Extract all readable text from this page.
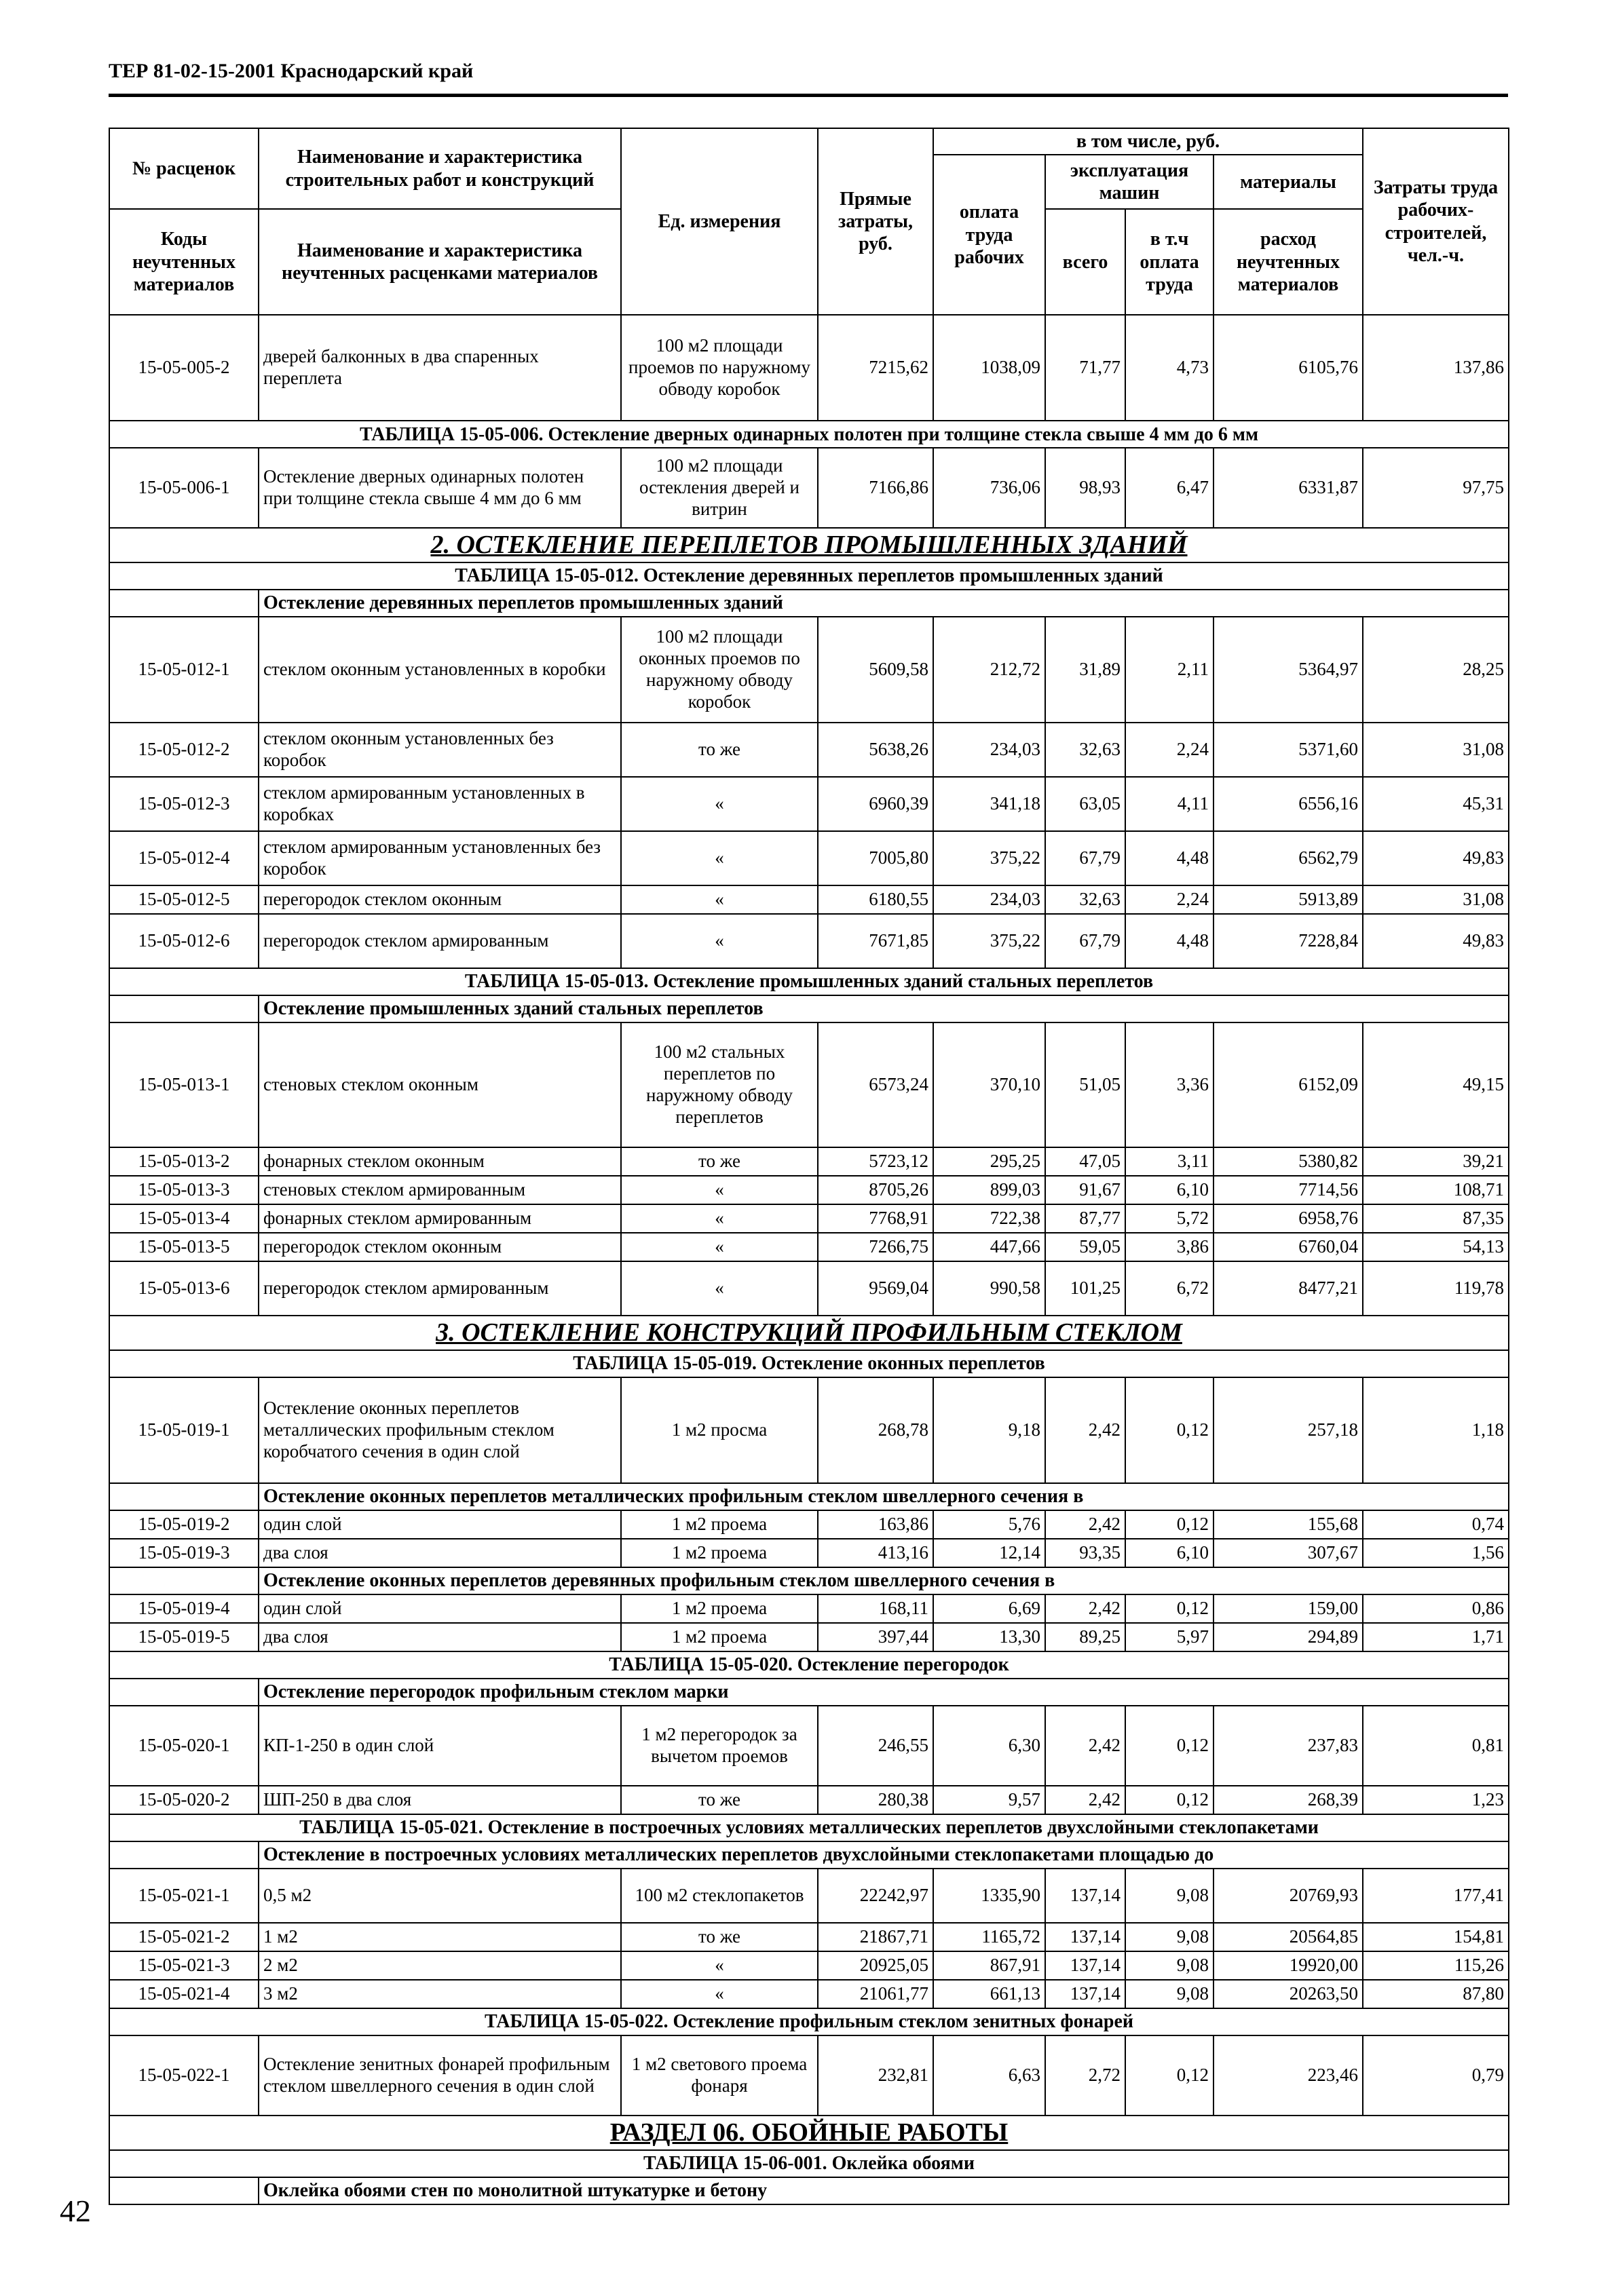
ТЕР 81-02-15-2001 Краснодарский край
№ расценок	Наименование и характеристика строительных работ и конструкций	Ед. измерения	Прямые затраты, руб.	в том числе, руб.				Затраты труда рабочих-строителей, чел.-ч.
				оплата труда рабочих	эксплуатация машин		материалы	
Коды неучтенных материалов	Наименование и характеристика неучтенных расценками материалов				всего	в т.ч оплата труда	расход неучтенных материалов	
15-05-005-2	дверей балконных в два спаренных переплета	100 м2 площади проемов по наружному обводу коробок	7215,62	1038,09	71,77	4,73	6105,76	137,86
ТАБЛИЦА 15-05-006. Остекление дверных одинарных полотен при толщине стекла свыше 4 мм до 6 мм								
15-05-006-1	Остекление дверных одинарных полотен при толщине стекла свыше 4 мм до 6 мм	100 м2 площади остекления дверей и витрин	7166,86	736,06	98,93	6,47	6331,87	97,75
2. ОСТЕКЛЕНИЕ ПЕРЕПЛЕТОВ ПРОМЫШЛЕННЫХ ЗДАНИЙ								
ТАБЛИЦА 15-05-012. Остекление деревянных переплетов промышленных зданий								
	Остекление деревянных переплетов промышленных зданий							
15-05-012-1	стеклом оконным установленных в коробки	100 м2 площади оконных проемов по наружному обводу коробок	5609,58	212,72	31,89	2,11	5364,97	28,25
15-05-012-2	стеклом оконным установленных без коробок	то же	5638,26	234,03	32,63	2,24	5371,60	31,08
15-05-012-3	стеклом армированным установленных в коробках	«	6960,39	341,18	63,05	4,11	6556,16	45,31
15-05-012-4	стеклом армированным установленных без коробок	«	7005,80	375,22	67,79	4,48	6562,79	49,83
15-05-012-5	перегородок стеклом оконным	«	6180,55	234,03	32,63	2,24	5913,89	31,08
15-05-012-6	перегородок стеклом армированным	«	7671,85	375,22	67,79	4,48	7228,84	49,83
ТАБЛИЦА 15-05-013. Остекление промышленных зданий стальных переплетов								
	Остекление промышленных зданий стальных переплетов							
15-05-013-1	стеновых стеклом оконным	100 м2 стальных переплетов по наружному обводу переплетов	6573,24	370,10	51,05	3,36	6152,09	49,15
15-05-013-2	фонарных стеклом оконным	то же	5723,12	295,25	47,05	3,11	5380,82	39,21
15-05-013-3	стеновых стеклом армированным	«	8705,26	899,03	91,67	6,10	7714,56	108,71
15-05-013-4	фонарных стеклом армированным	«	7768,91	722,38	87,77	5,72	6958,76	87,35
15-05-013-5	перегородок стеклом оконным	«	7266,75	447,66	59,05	3,86	6760,04	54,13
15-05-013-6	перегородок стеклом армированным	«	9569,04	990,58	101,25	6,72	8477,21	119,78
3. ОСТЕКЛЕНИЕ КОНСТРУКЦИЙ ПРОФИЛЬНЫМ СТЕКЛОМ								
ТАБЛИЦА 15-05-019. Остекление оконных переплетов								
15-05-019-1	Остекление оконных переплетов металлических профильным стеклом коробчатого сечения в один слой	1 м2 просма	268,78	9,18	2,42	0,12	257,18	1,18
	Остекление оконных переплетов металлических профильным стеклом швеллерного сечения в							
15-05-019-2	один слой	1 м2 проема	163,86	5,76	2,42	0,12	155,68	0,74
15-05-019-3	два слоя	1 м2 проема	413,16	12,14	93,35	6,10	307,67	1,56
	Остекление оконных переплетов деревянных профильным стеклом швеллерного сечения в							
15-05-019-4	один слой	1 м2 проема	168,11	6,69	2,42	0,12	159,00	0,86
15-05-019-5	два слоя	1 м2 проема	397,44	13,30	89,25	5,97	294,89	1,71
ТАБЛИЦА 15-05-020. Остекление перегородок								
	Остекление перегородок профильным стеклом марки							
15-05-020-1	КП-1-250 в один слой	1 м2 перегородок за вычетом проемов	246,55	6,30	2,42	0,12	237,83	0,81
15-05-020-2	ШП-250 в два слоя	то же	280,38	9,57	2,42	0,12	268,39	1,23
ТАБЛИЦА 15-05-021. Остекление в построечных условиях металлических переплетов двухслойными стеклопакетами								
	Остекление в построечных условиях металлических переплетов двухслойными стеклопакетами площадью до							
15-05-021-1	0,5 м2	100 м2 стеклопакетов	22242,97	1335,90	137,14	9,08	20769,93	177,41
15-05-021-2	1 м2	то же	21867,71	1165,72	137,14	9,08	20564,85	154,81
15-05-021-3	2 м2	«	20925,05	867,91	137,14	9,08	19920,00	115,26
15-05-021-4	3 м2	«	21061,77	661,13	137,14	9,08	20263,50	87,80
ТАБЛИЦА 15-05-022. Остекление профильным стеклом зенитных фонарей								
15-05-022-1	Остекление зенитных фонарей профильным стеклом швеллерного сечения в один слой	1 м2 светового проема фонаря	232,81	6,63	2,72	0,12	223,46	0,79
РАЗДЕЛ 06. ОБОЙНЫЕ РАБОТЫ								
ТАБЛИЦА 15-06-001. Оклейка обоями								
	Оклейка обоями стен по монолитной штукатурке и бетону							
42
